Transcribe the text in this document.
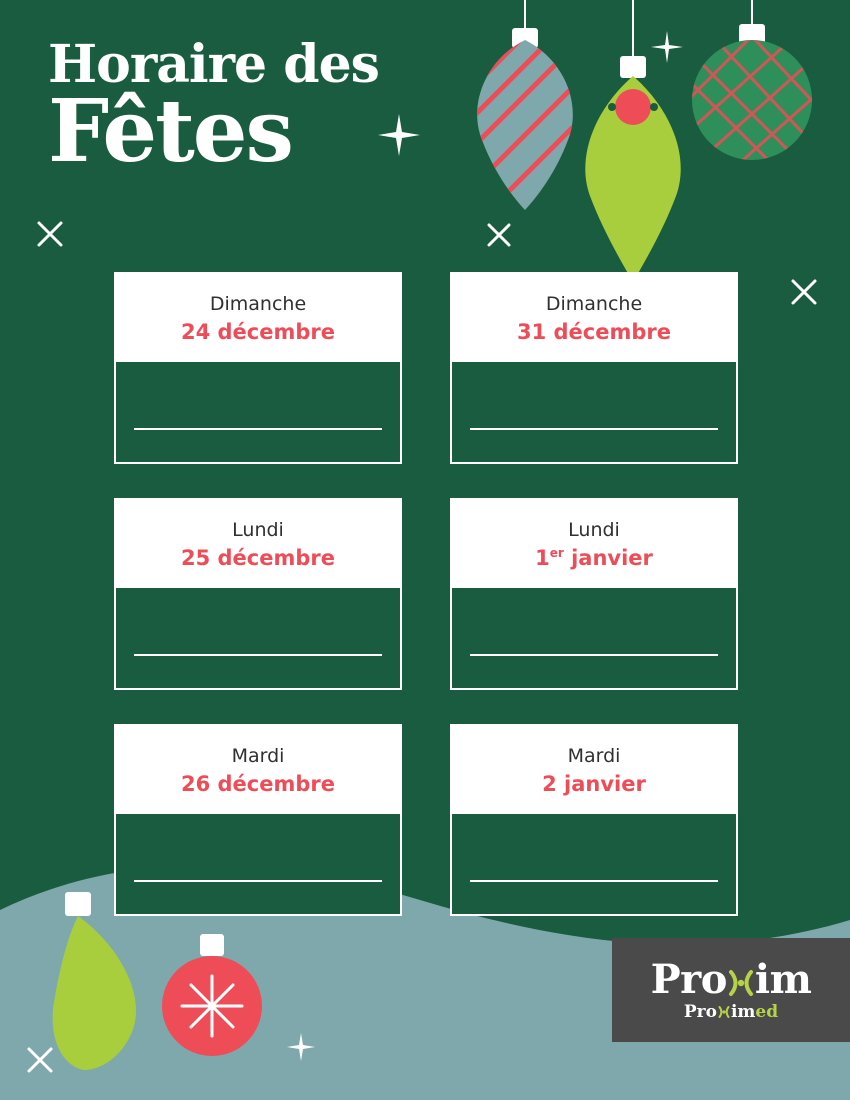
Horaire des
Fêtes
Dimanche
24 décembre
Dimanche
31 décembre
Lundi
25 décembre
Lundi
1er janvier
Mardi
26 décembre
Mardi
2 janvier
Pro im
Pro im ed
